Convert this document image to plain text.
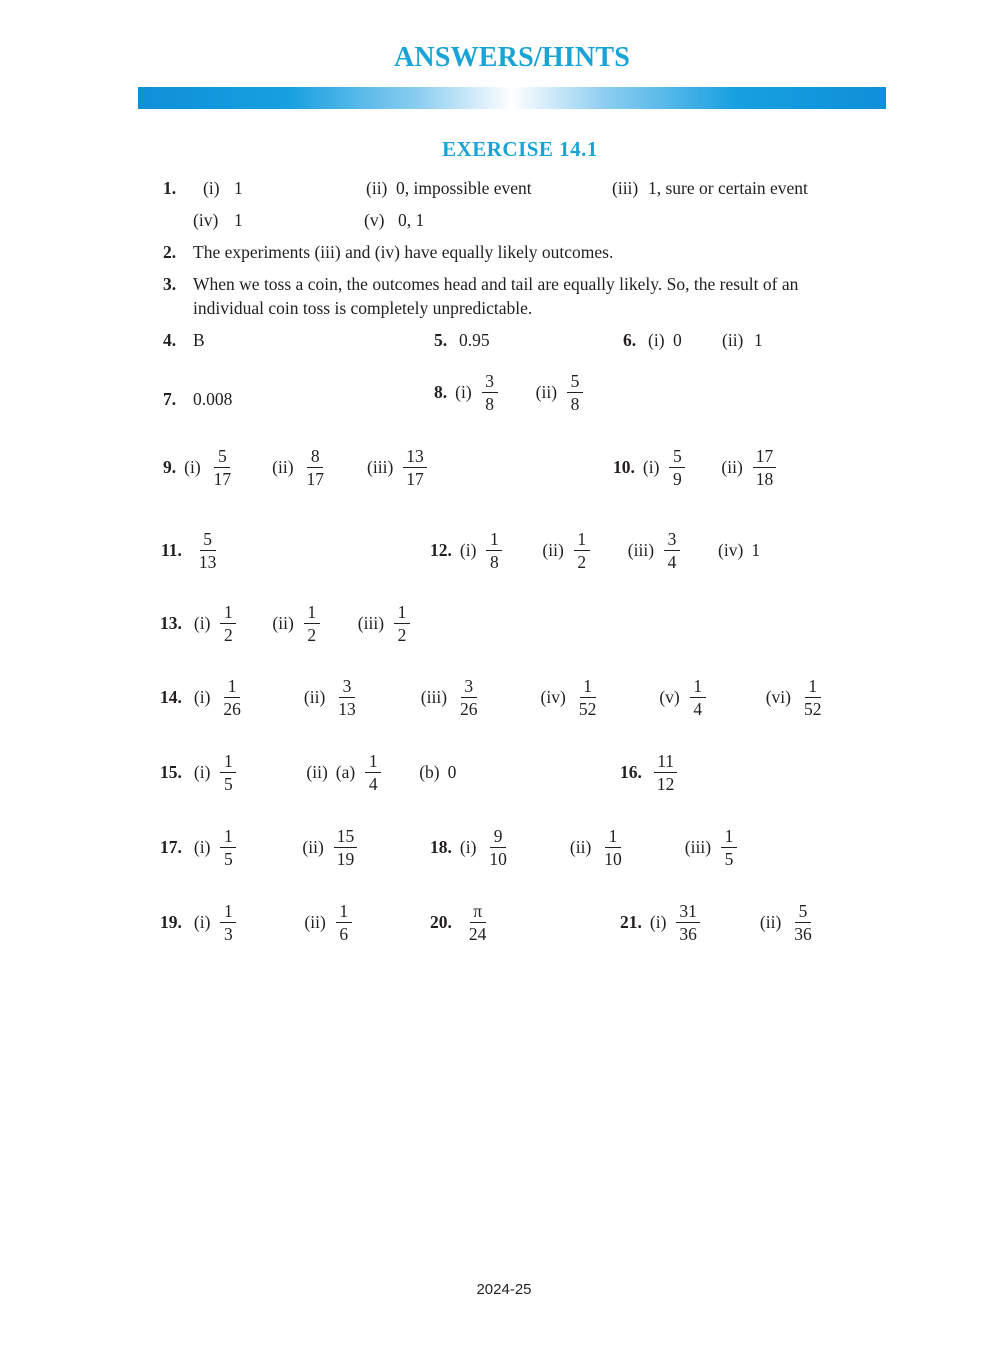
ANSWERS/HINTS
EXERCISE 14.1
1. (i) 1	(ii) 0, impossible event	(iii) 1, sure or certain event
(iv) 1	(v) 0, 1
2. The experiments (iii) and (iv) have equally likely outcomes.
3. When we toss a coin, the outcomes head and tail are equally likely. So, the result of an
individual coin toss is completely unpredictable.
4. B	5. 0.95	6. (i) 0 (ii) 1
7. 0.008	8. $(i) \frac{3}{8} (ii) \frac{5}{8}$
9. $(i) \frac{5}{17} (ii) \frac{8}{17} (iii) \frac{13}{17}$	10. $(i) \frac{5}{9} (ii) \frac{17}{18}$
11. $\frac{5}{13}$	12. $(i) \frac{1}{8} (ii) \frac{1}{2} (iii) \frac{3}{4} (iv)$ 1
13. $(i) \frac{1}{2} (ii) \frac{1}{2} (iii) \frac{1}{2}$
14. $(i) \frac{1}{26}$	$(ii) \frac{3}{13}$	$(iii) \frac{3}{26}$	$(iv) \frac{1}{52}$	$(v) \frac{1}{4}$	$(vi) \frac{1}{52}$
15. $(i) \frac{1}{5}$	(ii) $(a) \frac{1}{4} (b)$ 0	16. $\frac{11}{12}$
17. $(i) \frac{1}{5}$	$(ii) \frac{15}{19}$	18. $(i) \frac{9}{10}$	$(ii) \frac{1}{10}$	$(iii) \frac{1}{5}$
19. $(i) \frac{1}{3}$	$(ii) \frac{1}{6}$	20. $\frac{\pi}{24}$	21. $(i) \frac{31}{36}$	$(ii) \frac{5}{36}$
2024-25
